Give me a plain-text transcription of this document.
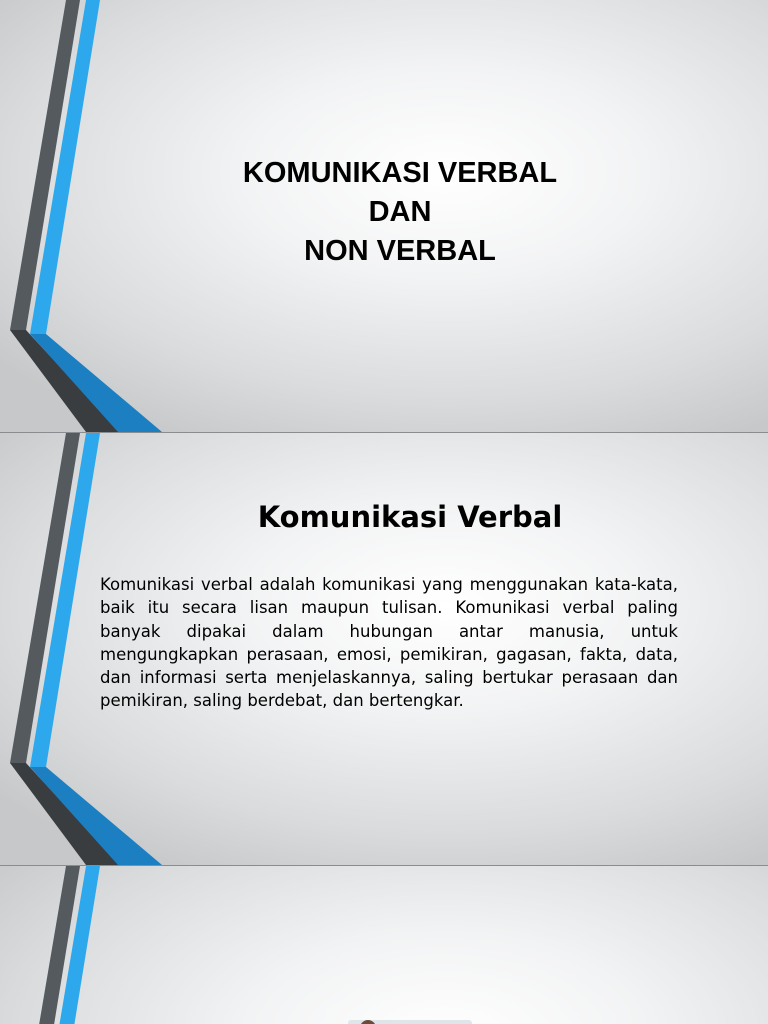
KOMUNIKASI VERBAL
DAN
NON VERBAL
Komunikasi Verbal

Komunikasi verbal adalah komunikasi yang menggunakan kata-kata, baik itu secara lisan maupun tulisan. Komunikasi verbal paling banyak dipakai dalam hubungan antar manusia, untuk mengungkapkan perasaan, emosi, pemikiran, gagasan, fakta, data, dan informasi serta menjelaskannya, saling bertukar perasaan dan pemikiran, saling berdebat, dan bertengkar.
